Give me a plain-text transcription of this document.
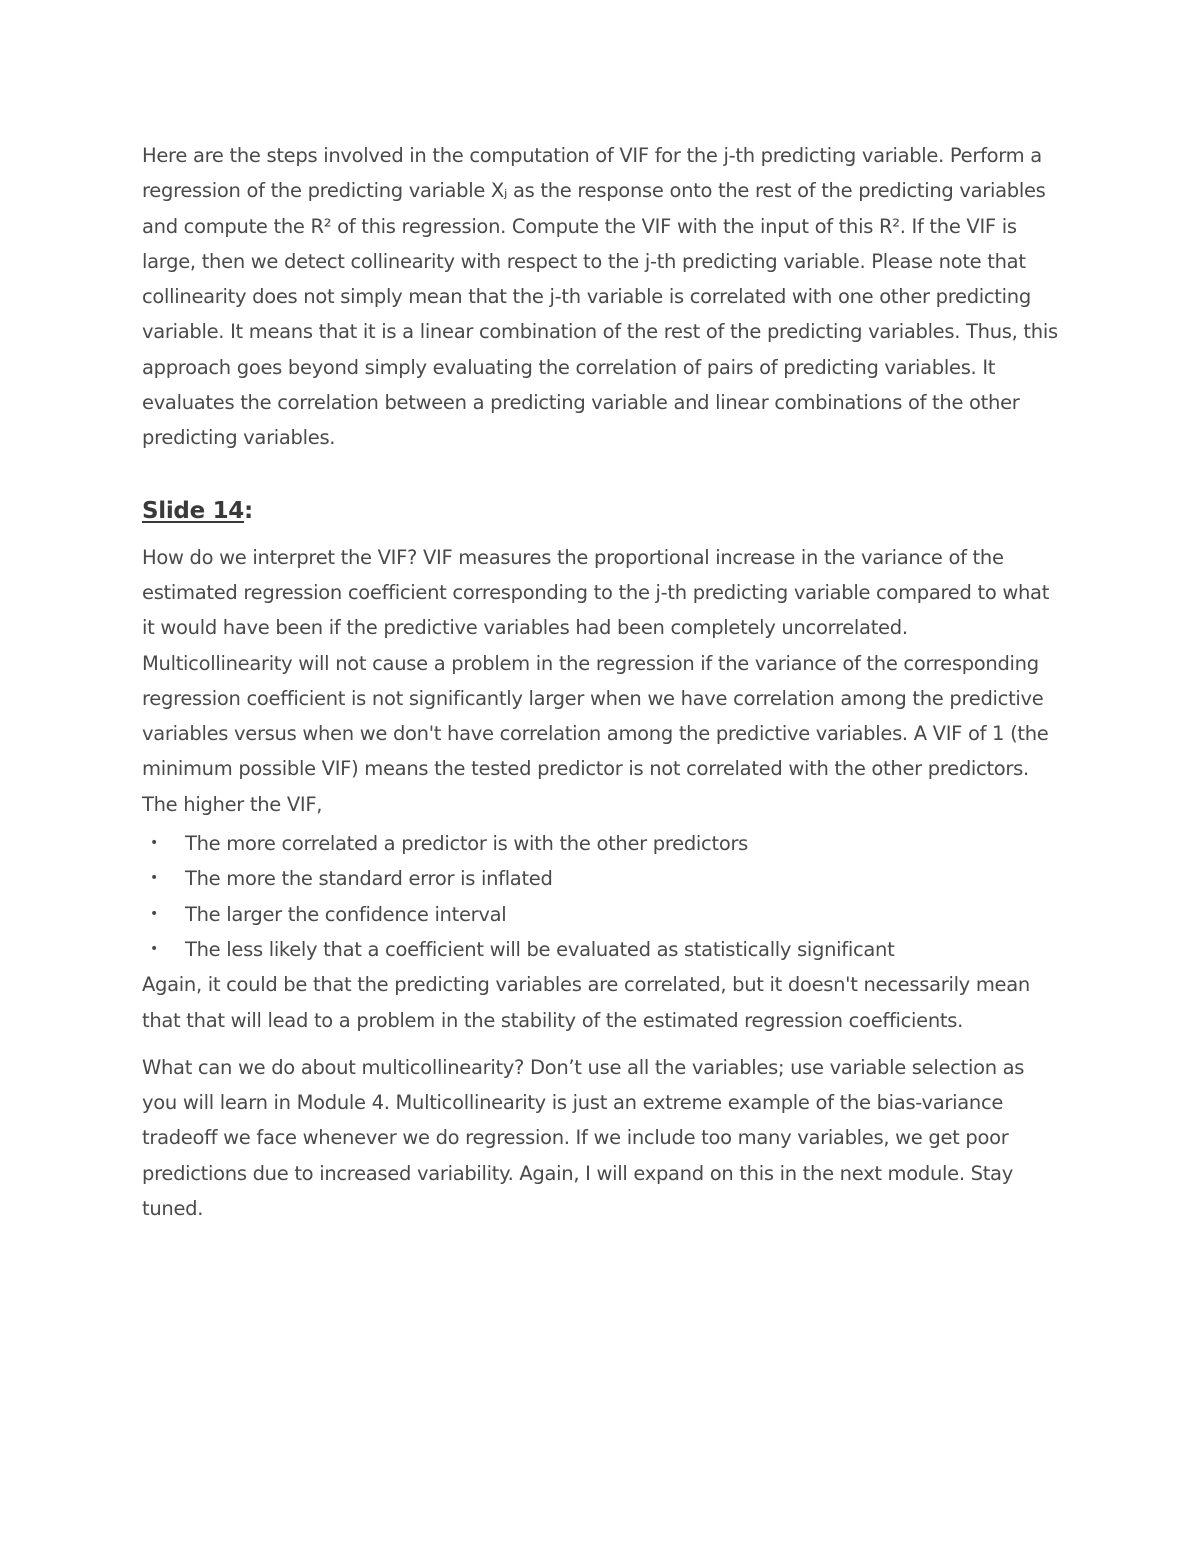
Here are the steps involved in the computation of VIF for the j-th predicting variable. Perform a regression of the predicting variable Xⱼ as the response onto the rest of the predicting variables and compute the R² of this regression. Compute the VIF with the input of this R². If the VIF is large, then we detect collinearity with respect to the j-th predicting variable. Please note that collinearity does not simply mean that the j-th variable is correlated with one other predicting variable. It means that it is a linear combination of the rest of the predicting variables. Thus, this approach goes beyond simply evaluating the correlation of pairs of predicting variables. It evaluates the correlation between a predicting variable and linear combinations of the other predicting variables.

Slide 14:

How do we interpret the VIF? VIF measures the proportional increase in the variance of the estimated regression coefficient corresponding to the j-th predicting variable compared to what it would have been if the predictive variables had been completely uncorrelated. Multicollinearity will not cause a problem in the regression if the variance of the corresponding regression coefficient is not significantly larger when we have correlation among the predictive variables versus when we don't have correlation among the predictive variables. A VIF of 1 (the minimum possible VIF) means the tested predictor is not correlated with the other predictors. The higher the VIF,

• The more correlated a predictor is with the other predictors
• The more the standard error is inflated
• The larger the confidence interval
• The less likely that a coefficient will be evaluated as statistically significant

Again, it could be that the predicting variables are correlated, but it doesn't necessarily mean that that will lead to a problem in the stability of the estimated regression coefficients.

What can we do about multicollinearity? Don’t use all the variables; use variable selection as you will learn in Module 4. Multicollinearity is just an extreme example of the bias-variance tradeoff we face whenever we do regression. If we include too many variables, we get poor predictions due to increased variability. Again, I will expand on this in the next module. Stay tuned.
